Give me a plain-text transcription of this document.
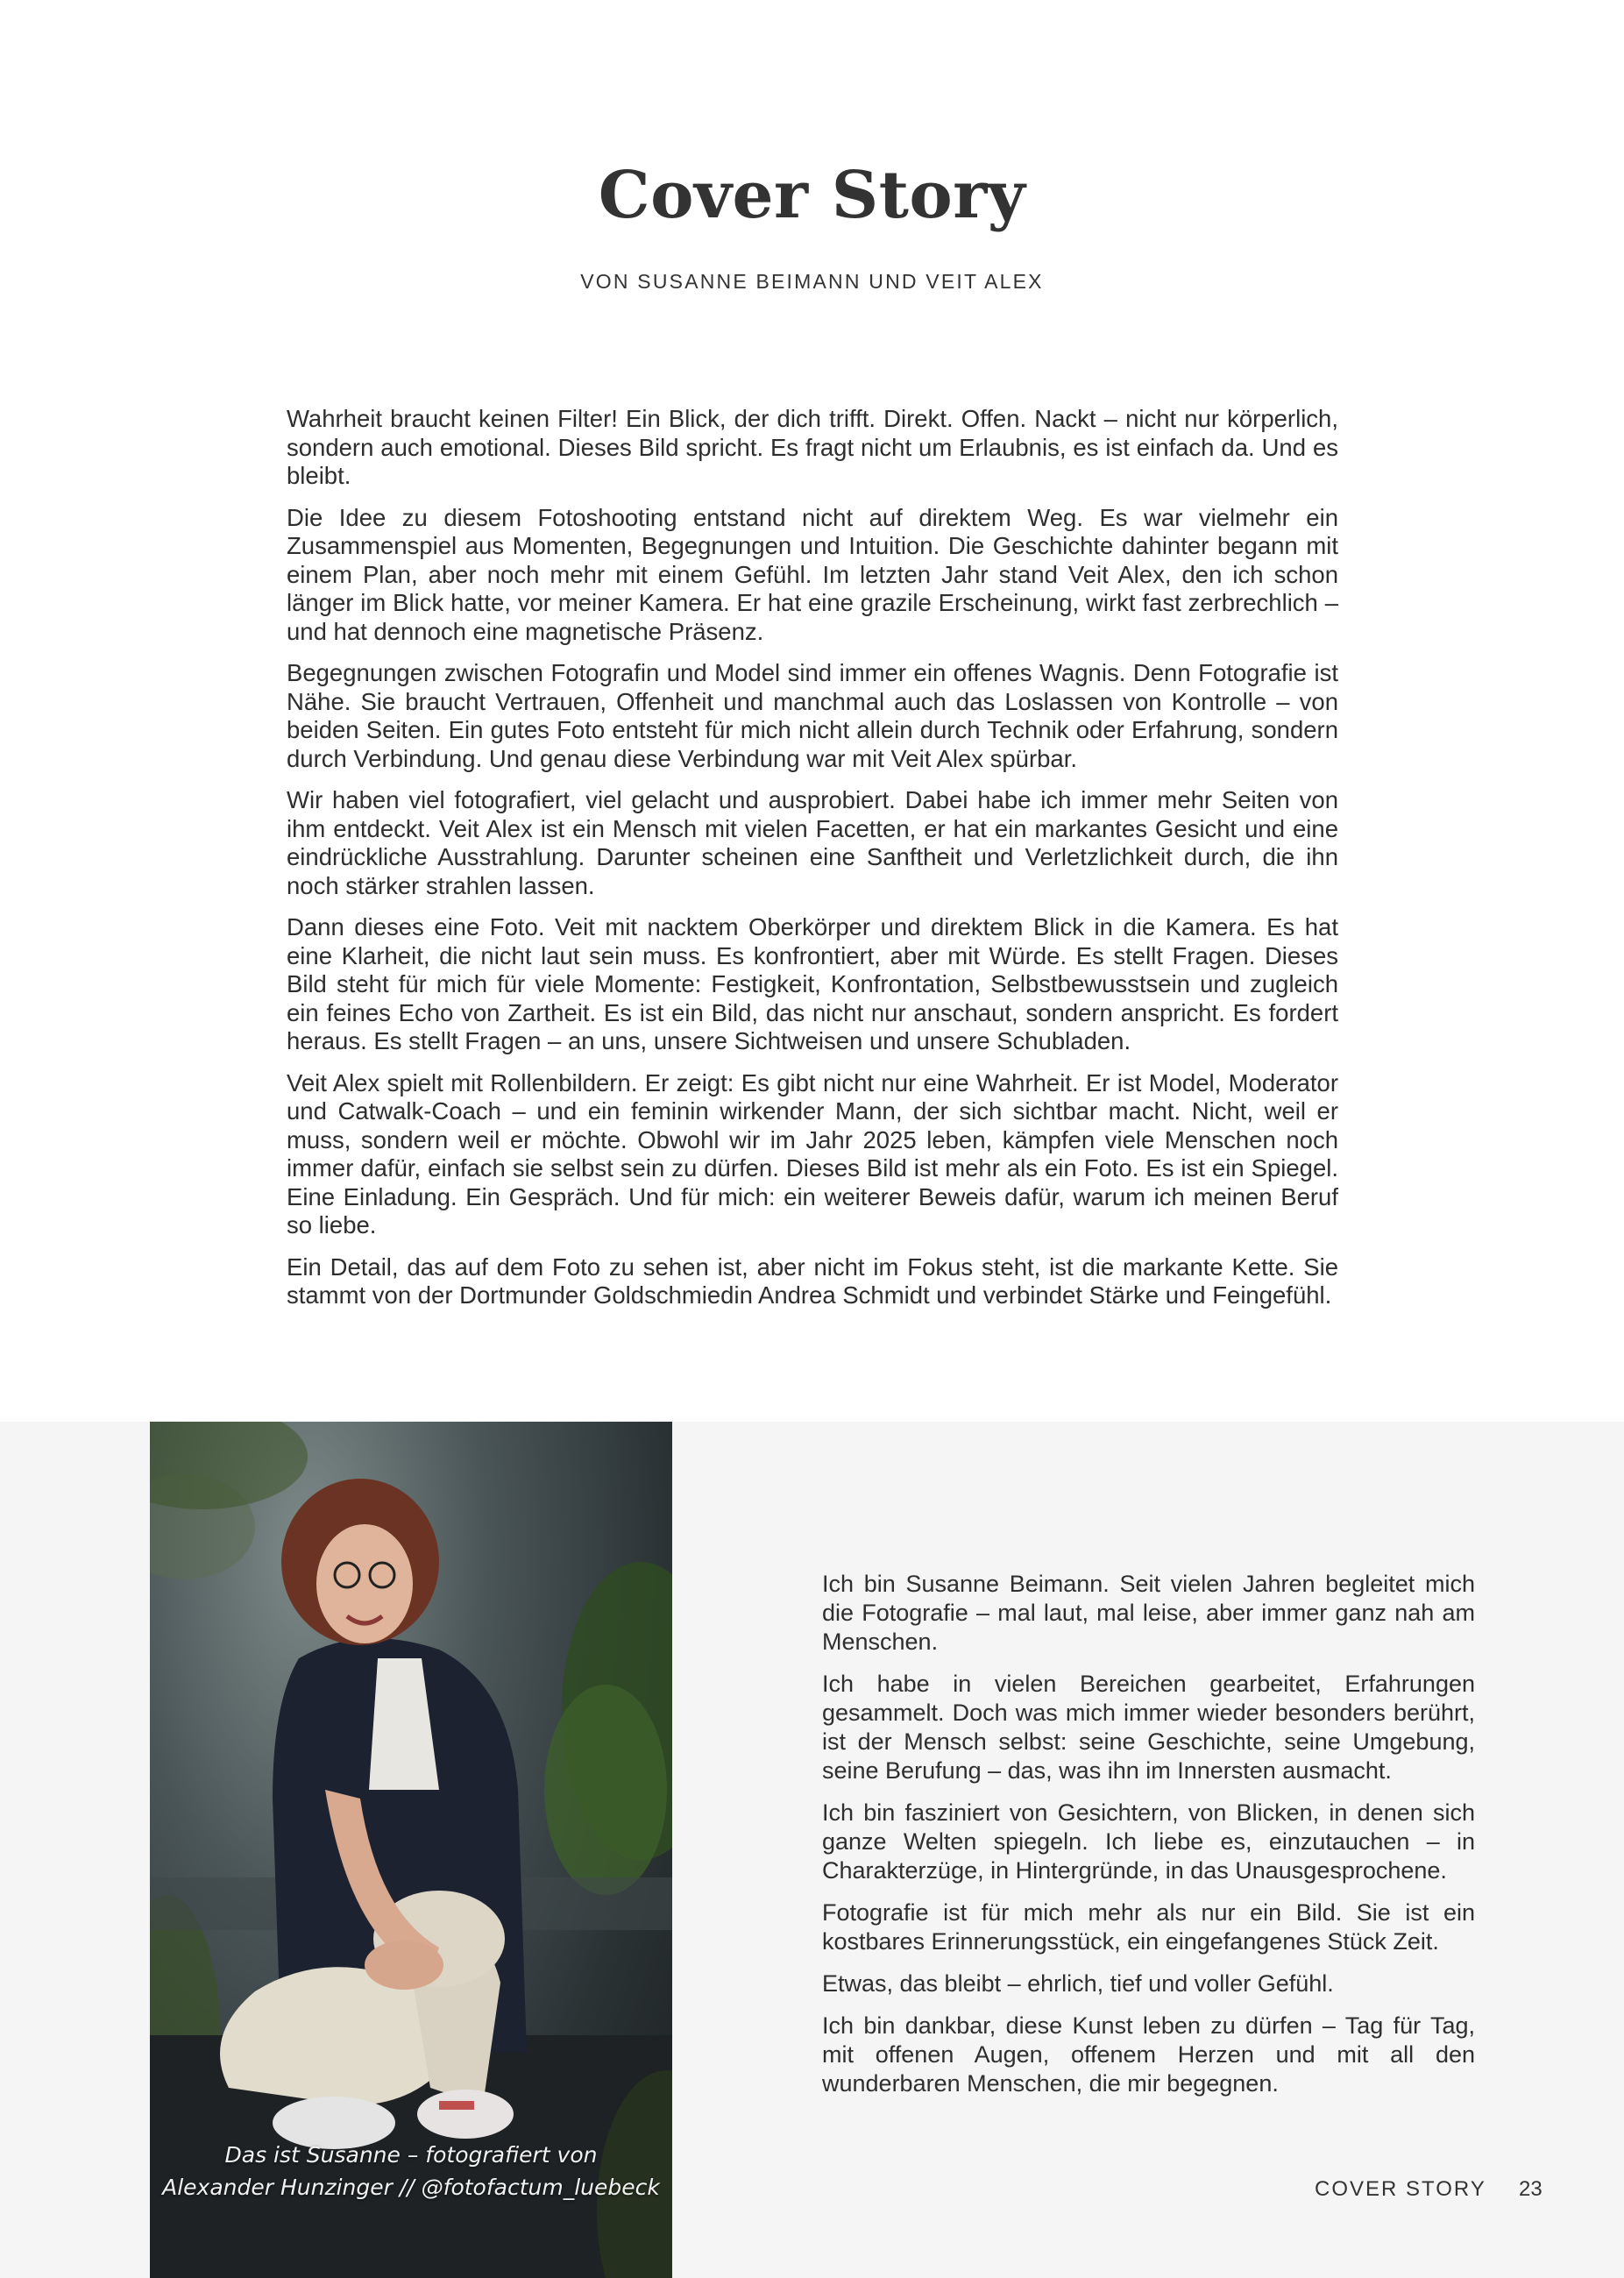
Cover Story
VON SUSANNE BEIMANN UND VEIT ALEX

Wahrheit braucht keinen Filter! Ein Blick, der dich trifft. Direkt. Offen. Nackt – nicht nur körperlich, sondern auch emotional. Dieses Bild spricht. Es fragt nicht um Erlaubnis, es ist einfach da. Und es bleibt.

Die Idee zu diesem Fotoshooting entstand nicht auf direktem Weg. Es war vielmehr ein Zusammenspiel aus Momenten, Begegnungen und Intuition. Die Geschichte dahinter begann mit einem Plan, aber noch mehr mit einem Gefühl. Im letzten Jahr stand Veit Alex, den ich schon länger im Blick hatte, vor meiner Kamera. Er hat eine grazile Erscheinung, wirkt fast zerbrechlich – und hat dennoch eine magnetische Präsenz.

Begegnungen zwischen Fotografin und Model sind immer ein offenes Wagnis. Denn Fotografie ist Nähe. Sie braucht Vertrauen, Offenheit und manchmal auch das Loslassen von Kontrolle – von beiden Seiten. Ein gutes Foto entsteht für mich nicht allein durch Technik oder Erfahrung, sondern durch Verbindung. Und genau diese Verbindung war mit Veit Alex spürbar.

Wir haben viel fotografiert, viel gelacht und ausprobiert. Dabei habe ich immer mehr Seiten von ihm entdeckt. Veit Alex ist ein Mensch mit vielen Facetten, er hat ein markantes Gesicht und eine eindrückliche Ausstrahlung. Darunter scheinen eine Sanftheit und Verletzlichkeit durch, die ihn noch stärker strahlen lassen.

Dann dieses eine Foto. Veit mit nacktem Oberkörper und direktem Blick in die Kamera. Es hat eine Klarheit, die nicht laut sein muss. Es konfrontiert, aber mit Würde. Es stellt Fragen. Dieses Bild steht für mich für viele Momente: Festigkeit, Konfrontation, Selbstbewusstsein und zugleich ein feines Echo von Zartheit. Es ist ein Bild, das nicht nur anschaut, sondern anspricht. Es fordert heraus. Es stellt Fragen – an uns, unsere Sichtweisen und unsere Schubladen.

Veit Alex spielt mit Rollenbildern. Er zeigt: Es gibt nicht nur eine Wahrheit. Er ist Model, Moderator und Catwalk-Coach – und ein feminin wirkender Mann, der sich sichtbar macht. Nicht, weil er muss, sondern weil er möchte. Obwohl wir im Jahr 2025 leben, kämpfen viele Menschen noch immer dafür, einfach sie selbst sein zu dürfen. Dieses Bild ist mehr als ein Foto. Es ist ein Spiegel. Eine Einladung. Ein Gespräch. Und für mich: ein weiterer Beweis dafür, warum ich meinen Beruf so liebe.

Ein Detail, das auf dem Foto zu sehen ist, aber nicht im Fokus steht, ist die markante Kette. Sie stammt von der Dortmunder Goldschmiedin Andrea Schmidt und verbindet Stärke und Feingefühl.

Das ist Susanne – fotografiert von
Alexander Hunzinger // @fotofactum_luebeck

Ich bin Susanne Beimann. Seit vielen Jahren begleitet mich die Fotografie – mal laut, mal leise, aber immer ganz nah am Menschen.

Ich habe in vielen Bereichen gearbeitet, Erfahrungen gesammelt. Doch was mich immer wieder besonders berührt, ist der Mensch selbst: seine Geschichte, seine Umgebung, seine Berufung – das, was ihn im Innersten ausmacht.

Ich bin fasziniert von Gesichtern, von Blicken, in denen sich ganze Welten spiegeln. Ich liebe es, einzutauchen – in Charakterzüge, in Hintergründe, in das Unausgesprochene.

Fotografie ist für mich mehr als nur ein Bild. Sie ist ein kostbares Erinnerungsstück, ein eingefangenes Stück Zeit.

Etwas, das bleibt – ehrlich, tief und voller Gefühl.

Ich bin dankbar, diese Kunst leben zu dürfen – Tag für Tag, mit offenen Augen, offenem Herzen und mit all den wunderbaren Menschen, die mir begegnen.

COVER STORY 23
